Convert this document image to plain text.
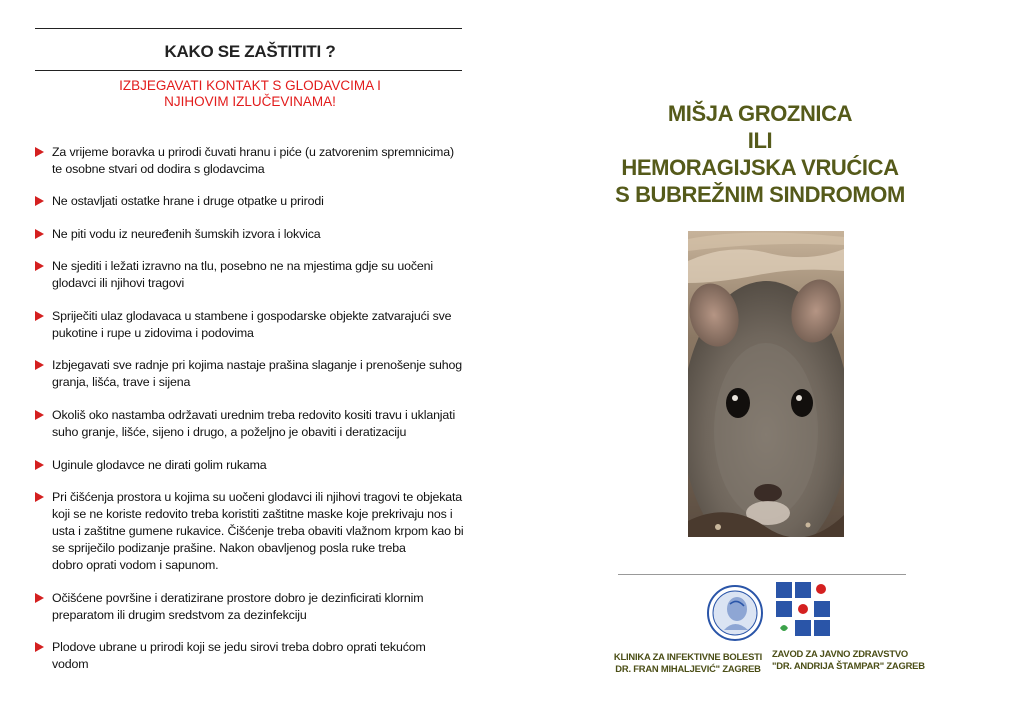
KAKO SE ZAŠTITITI ?
IZBJEGAVATI KONTAKT S GLODAVCIMA I
NJIHOVIM IZLUČEVINAMA!
Za vrijeme boravka u prirodi čuvati hranu i piće (u zatvorenim spremnicima)
te osobne stvari od dodira s glodavcima
Ne ostavljati ostatke hrane i druge otpatke u prirodi
Ne piti vodu iz neuređenih šumskih izvora i lokvica
Ne sjediti i ležati izravno na tlu, posebno ne na mjestima gdje su uočeni
glodavci ili njihovi tragovi
Spriječiti ulaz glodavaca u stambene i gospodarske objekte zatvarajući sve
pukotine i rupe u zidovima i podovima
Izbjegavati sve radnje pri kojima nastaje prašina slaganje i prenošenje suhog
granja, lišća, trave i sijena
Okoliš oko nastamba održavati urednim treba redovito kositi travu i uklanjati
suho granje, lišće, sijeno i drugo, a poželjno je obaviti i deratizaciju
Uginule glodavce ne dirati golim rukama
Pri čišćenja prostora u kojima su uočeni glodavci ili njihovi tragovi te objekata
koji se ne koriste redovito treba koristiti zaštitne maske koje prekrivaju nos i
usta i zaštitne gumene rukavice. Čišćenje treba obaviti vlažnom krpom kao bi
se spriječilo podizanje prašine. Nakon obavljenog posla ruke treba
dobro oprati vodom i sapunom.
Očišćene površine i deratizirane prostore dobro je dezinficirati klornim
preparatom ili drugim sredstvom za dezinfekciju
Plodove ubrane u prirodi koji se jedu sirovi treba dobro oprati tekućom
vodom
MIŠJA GROZNICA
ILI
HEMORAGIJSKA VRUĆICA
S BUBREŽNIM SINDROMOM
KLINIKA ZA INFEKTIVNE BOLESTI
DR. FRAN MIHALJEVIĆ" ZAGREB
ZAVOD ZA JAVNO ZDRAVSTVO
"DR. ANDRIJA ŠTAMPAR" ZAGREB
